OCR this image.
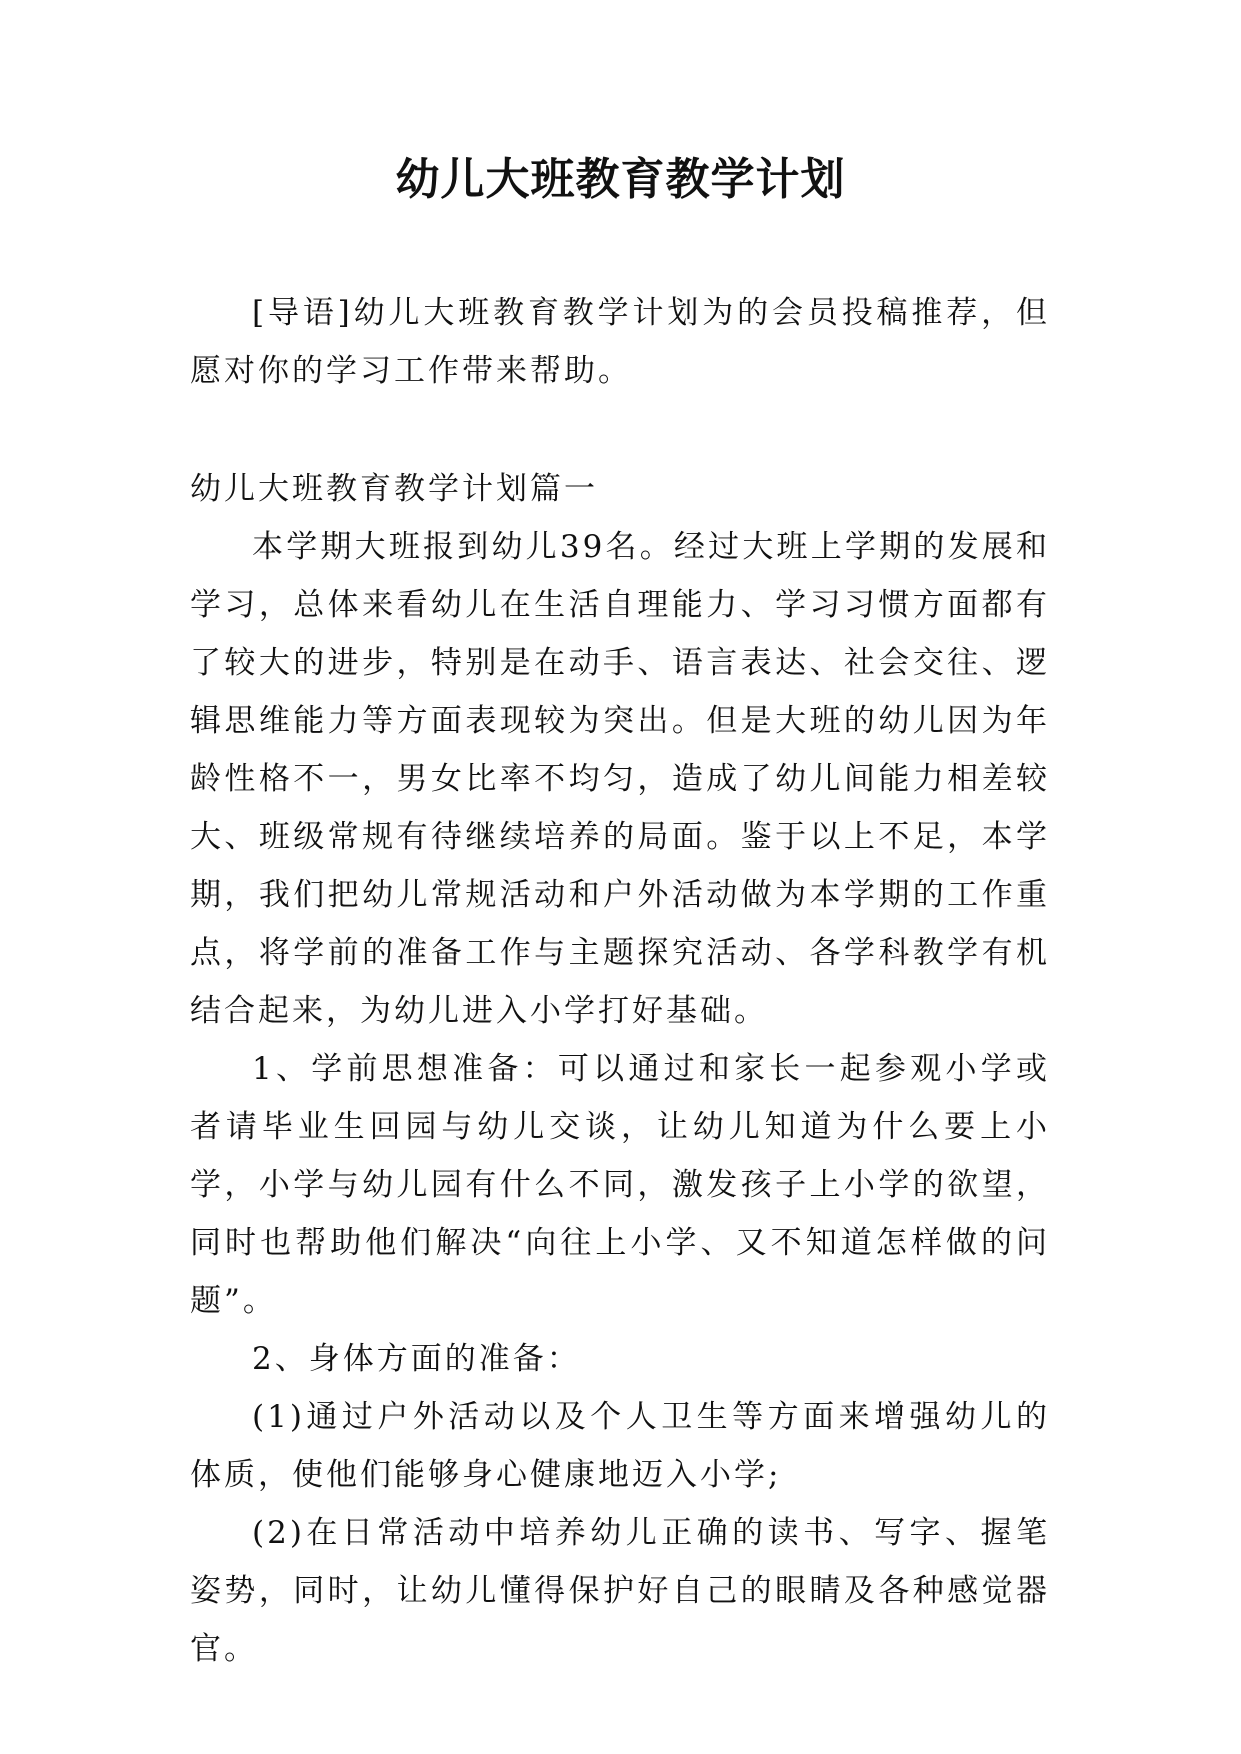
幼儿大班教育教学计划

[导语]幼儿大班教育教学计划为的会员投稿推荐，但愿对你的学习工作带来帮助。

幼儿大班教育教学计划篇一

本学期大班报到幼儿39名。经过大班上学期的发展和学习，总体来看幼儿在生活自理能力、学习习惯方面都有了较大的进步，特别是在动手、语言表达、社会交往、逻辑思维能力等方面表现较为突出。但是大班的幼儿因为年龄性格不一，男女比率不均匀，造成了幼儿间能力相差较大、班级常规有待继续培养的局面。鉴于以上不足，本学期，我们把幼儿常规活动和户外活动做为本学期的工作重点，将学前的准备工作与主题探究活动、各学科教学有机结合起来，为幼儿进入小学打好基础。

1、学前思想准备：可以通过和家长一起参观小学或者请毕业生回园与幼儿交谈，让幼儿知道为什么要上小学，小学与幼儿园有什么不同，激发孩子上小学的欲望，同时也帮助他们解决“向往上小学、又不知道怎样做的问题”。

2、身体方面的准备：

(1)通过户外活动以及个人卫生等方面来增强幼儿的体质，使他们能够身心健康地迈入小学;

(2)在日常活动中培养幼儿正确的读书、写字、握笔姿势，同时，让幼儿懂得保护好自己的眼睛及各种感觉器官。
